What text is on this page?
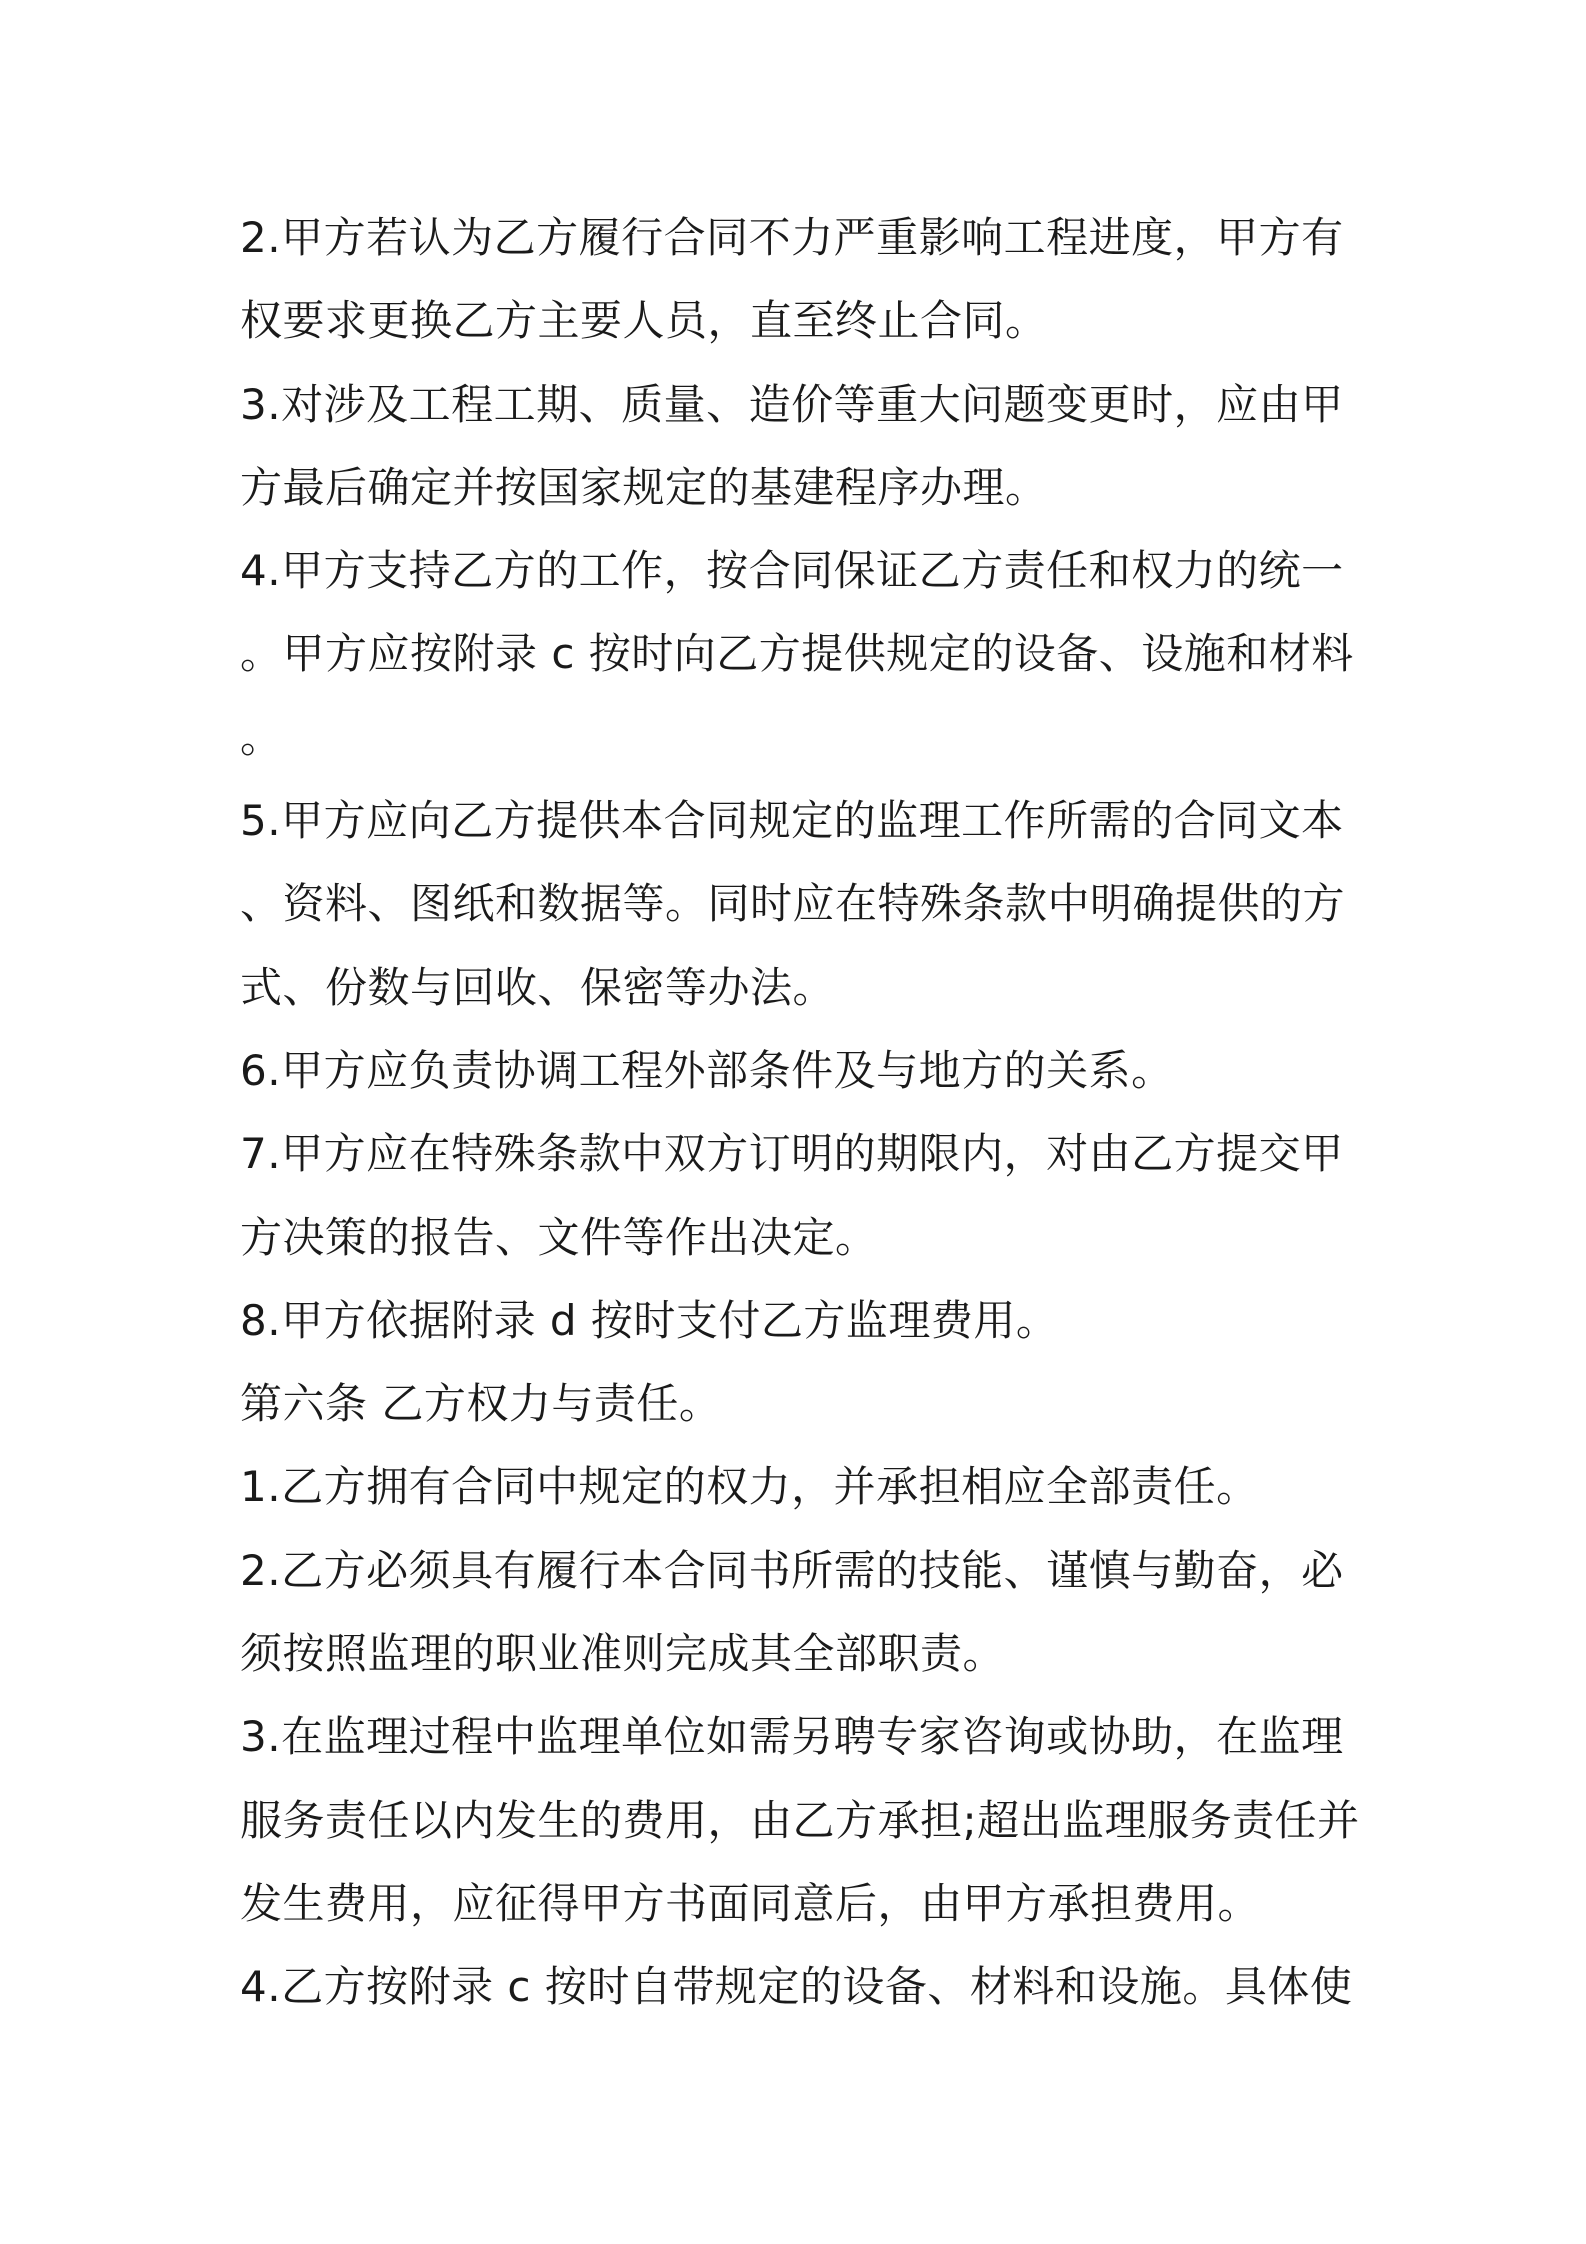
2.甲方若认为乙方履行合同不力严重影响工程进度，甲方有
权要求更换乙方主要人员，直至终止合同。
3.对涉及工程工期、质量、造价等重大问题变更时，应由甲
方最后确定并按国家规定的基建程序办理。
4.甲方支持乙方的工作，按合同保证乙方责任和权力的统一
。甲方应按附录 c 按时向乙方提供规定的设备、设施和材料
。
5.甲方应向乙方提供本合同规定的监理工作所需的合同文本
、资料、图纸和数据等。同时应在特殊条款中明确提供的方
式、份数与回收、保密等办法。
6.甲方应负责协调工程外部条件及与地方的关系。
7.甲方应在特殊条款中双方订明的期限内，对由乙方提交甲
方决策的报告、文件等作出决定。
8.甲方依据附录 d 按时支付乙方监理费用。
第六条 乙方权力与责任。
1.乙方拥有合同中规定的权力，并承担相应全部责任。
2.乙方必须具有履行本合同书所需的技能、谨慎与勤奋，必
须按照监理的职业准则完成其全部职责。
3.在监理过程中监理单位如需另聘专家咨询或协助，在监理
服务责任以内发生的费用，由乙方承担;超出监理服务责任并
发生费用，应征得甲方书面同意后，由甲方承担费用。
4.乙方按附录 c 按时自带规定的设备、材料和设施。具体使
